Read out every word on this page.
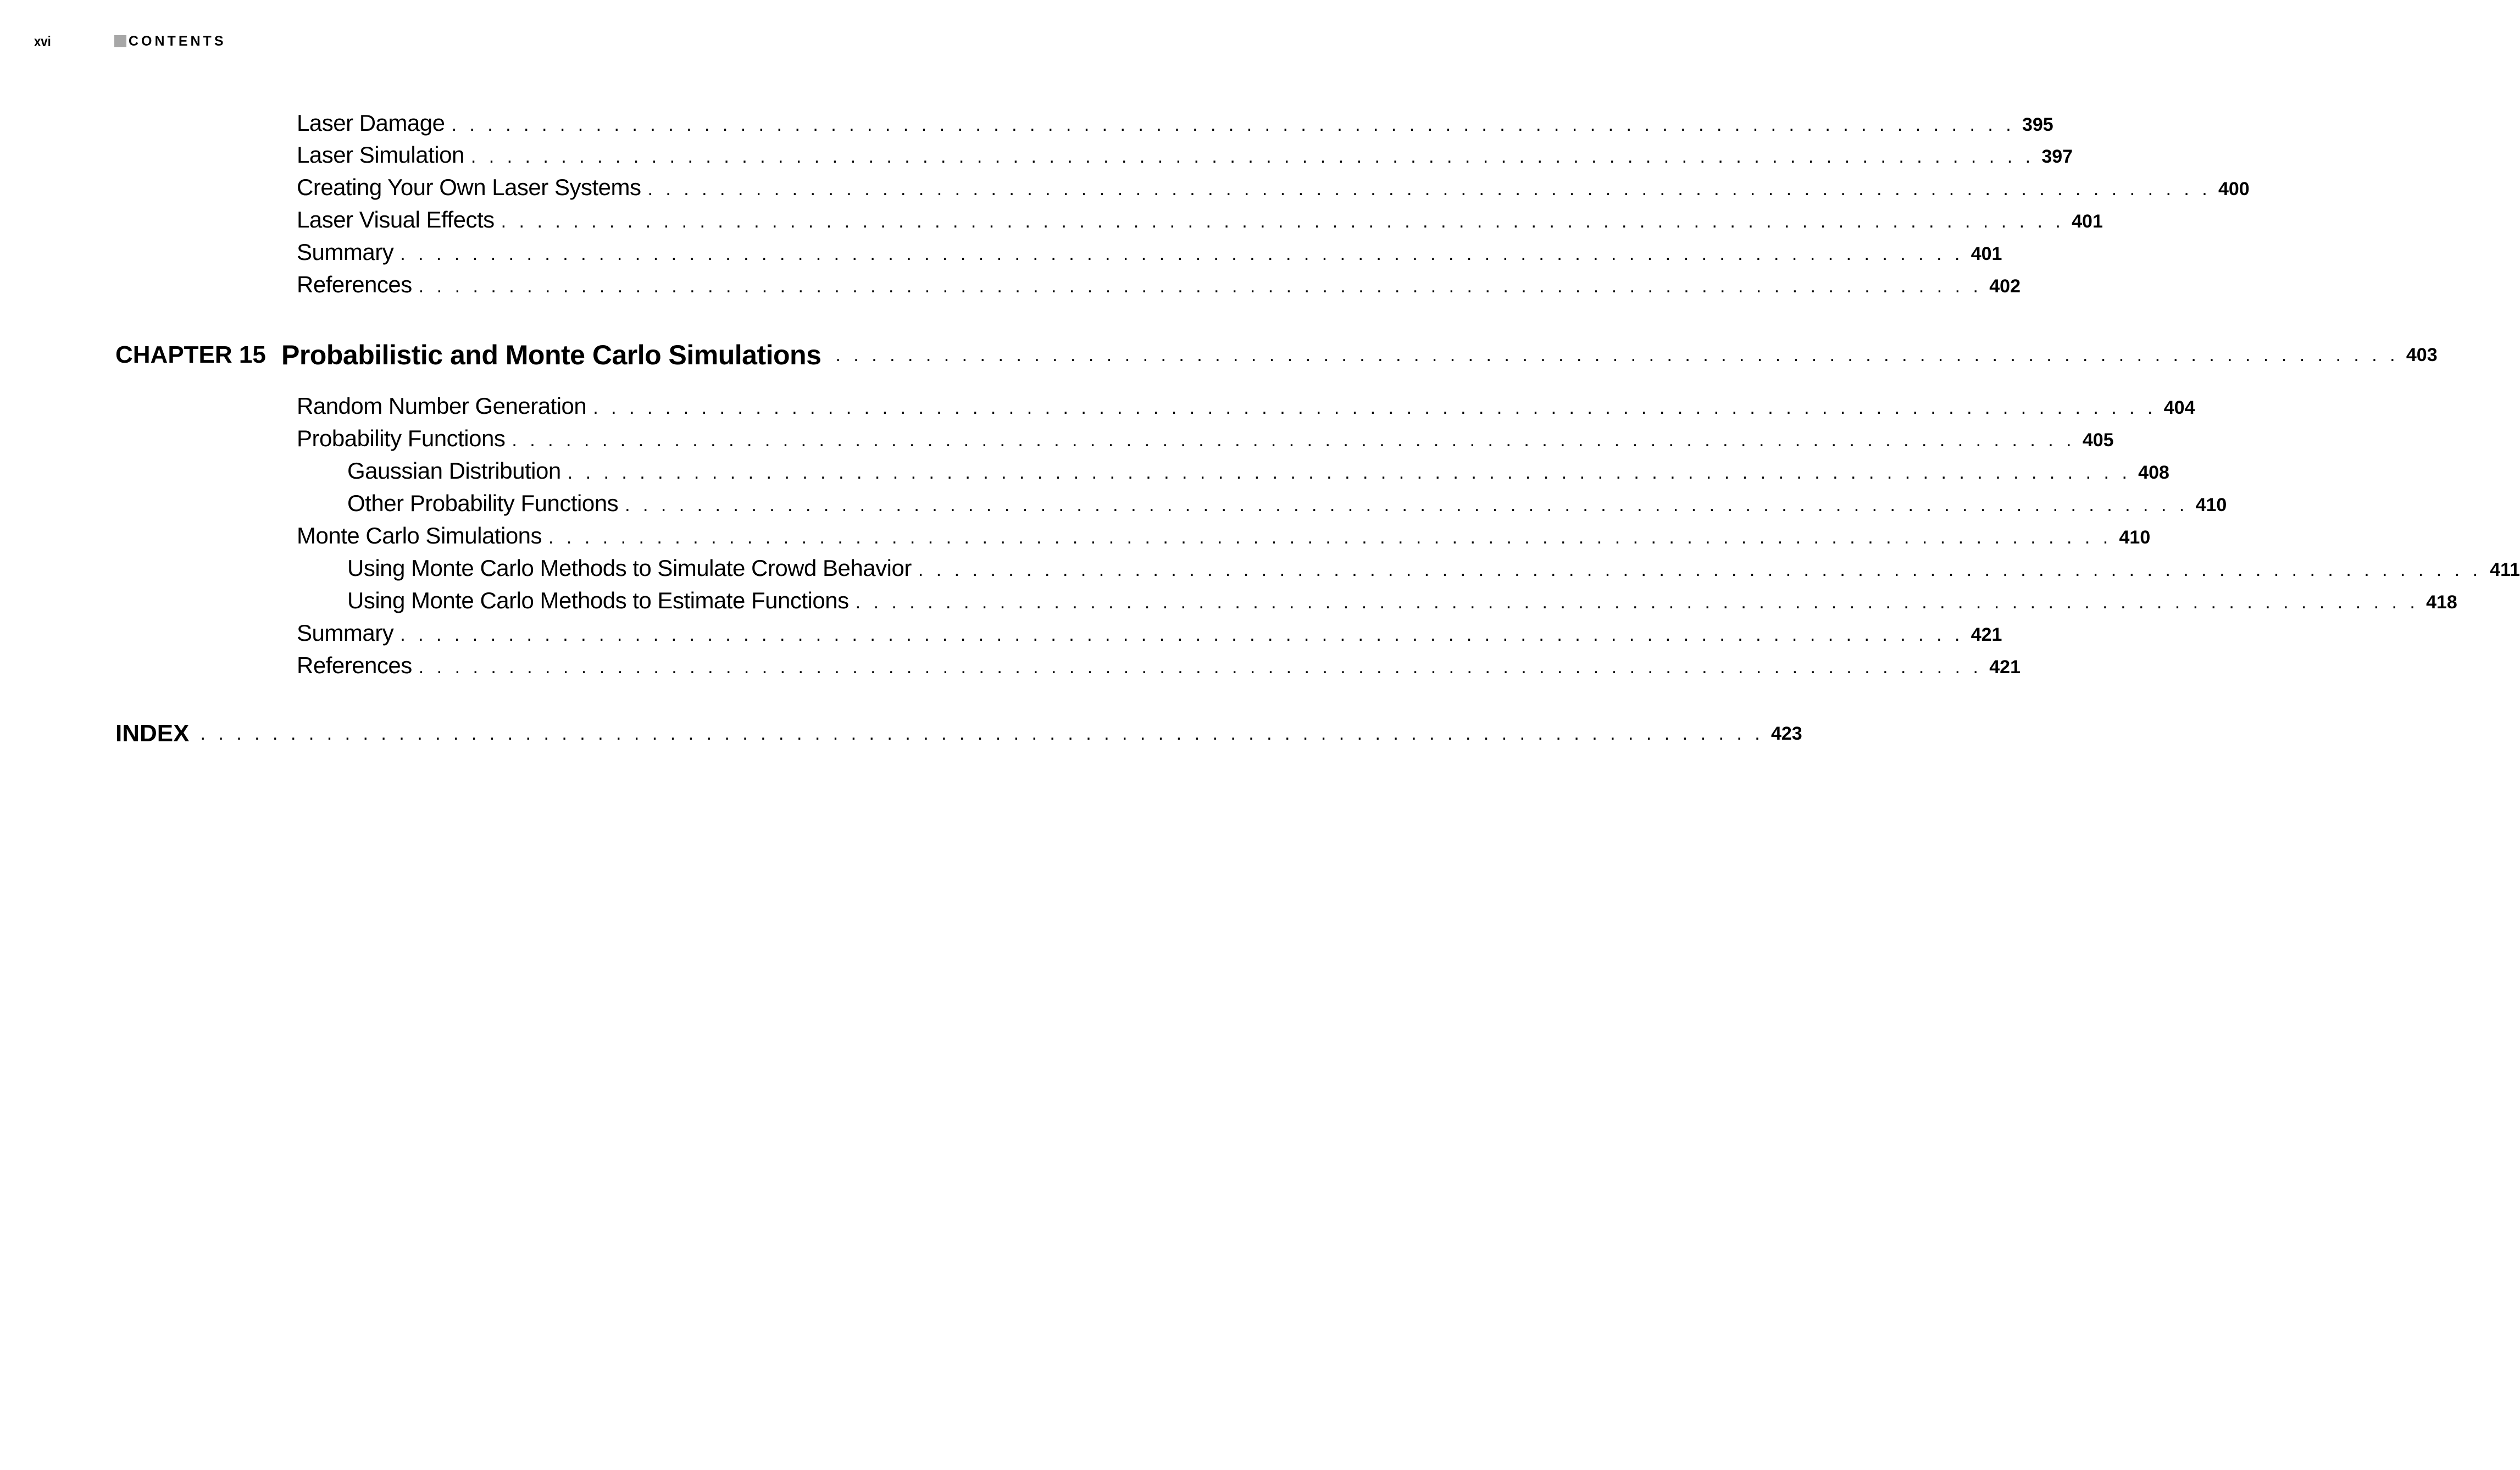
xvi	CONTENTS
Laser Damage . . . . . . . . . . . . . . . . . . . . . . . . . . . . . . . . . . . . . . . . . . . . . . . . . . . . . . . . . . . . . . . . . . . . . . . . . . . . . . . . . . . . . . . 395
Laser Simulation . . . . . . . . . . . . . . . . . . . . . . . . . . . . . . . . . . . . . . . . . . . . . . . . . . . . . . . . . . . . . . . . . . . . . . . . . . . . . . . . . . . . . . . 397
Creating Your Own Laser Systems . . . . . . . . . . . . . . . . . . . . . . . . . . . . . . . . . . . . . . . . . . . . . . . . . . . . . . . . . . . . . . . . . . . . . . . . . . . . . . . . . . . . . . . 400
Laser Visual Effects . . . . . . . . . . . . . . . . . . . . . . . . . . . . . . . . . . . . . . . . . . . . . . . . . . . . . . . . . . . . . . . . . . . . . . . . . . . . . . . . . . . . . . . 401
Summary . . . . . . . . . . . . . . . . . . . . . . . . . . . . . . . . . . . . . . . . . . . . . . . . . . . . . . . . . . . . . . . . . . . . . . . . . . . . . . . . . . . . . . . 401
References . . . . . . . . . . . . . . . . . . . . . . . . . . . . . . . . . . . . . . . . . . . . . . . . . . . . . . . . . . . . . . . . . . . . . . . . . . . . . . . . . . . . . . . 402
CHAPTER 15 Probabilistic and Monte Carlo Simulations . . . . . . . . . . . . . . . . . . . . . . . . . . . . . . . . . . . . . . . . . . . . . . . . . . . . . . . . . . . . . . . . . . . . . . . . . . . . . . . . . . . . . . . 403
Random Number Generation . . . . . . . . . . . . . . . . . . . . . . . . . . . . . . . . . . . . . . . . . . . . . . . . . . . . . . . . . . . . . . . . . . . . . . . . . . . . . . . . . . . . . . . 404
Probability Functions . . . . . . . . . . . . . . . . . . . . . . . . . . . . . . . . . . . . . . . . . . . . . . . . . . . . . . . . . . . . . . . . . . . . . . . . . . . . . . . . . . . . . . . 405
Gaussian Distribution . . . . . . . . . . . . . . . . . . . . . . . . . . . . . . . . . . . . . . . . . . . . . . . . . . . . . . . . . . . . . . . . . . . . . . . . . . . . . . . . . . . . . . . 408
Other Probability Functions . . . . . . . . . . . . . . . . . . . . . . . . . . . . . . . . . . . . . . . . . . . . . . . . . . . . . . . . . . . . . . . . . . . . . . . . . . . . . . . . . . . . . . . 410
Monte Carlo Simulations . . . . . . . . . . . . . . . . . . . . . . . . . . . . . . . . . . . . . . . . . . . . . . . . . . . . . . . . . . . . . . . . . . . . . . . . . . . . . . . . . . . . . . . 410
Using Monte Carlo Methods to Simulate Crowd Behavior . . . . . . . . . . . . . . . . . . . . . . . . . . . . . . . . . . . . . . . . . . . . . . . . . . . . . . . . . . . . . . . . . . . . . . . . . . . . . . . . . . . . . . . 411
Using Monte Carlo Methods to Estimate Functions . . . . . . . . . . . . . . . . . . . . . . . . . . . . . . . . . . . . . . . . . . . . . . . . . . . . . . . . . . . . . . . . . . . . . . . . . . . . . . . . . . . . . . . 418
Summary . . . . . . . . . . . . . . . . . . . . . . . . . . . . . . . . . . . . . . . . . . . . . . . . . . . . . . . . . . . . . . . . . . . . . . . . . . . . . . . . . . . . . . . 421
References . . . . . . . . . . . . . . . . . . . . . . . . . . . . . . . . . . . . . . . . . . . . . . . . . . . . . . . . . . . . . . . . . . . . . . . . . . . . . . . . . . . . . . . 421
INDEX . . . . . . . . . . . . . . . . . . . . . . . . . . . . . . . . . . . . . . . . . . . . . . . . . . . . . . . . . . . . . . . . . . . . . . . . . . . . . . . . . . . . . . . 423
